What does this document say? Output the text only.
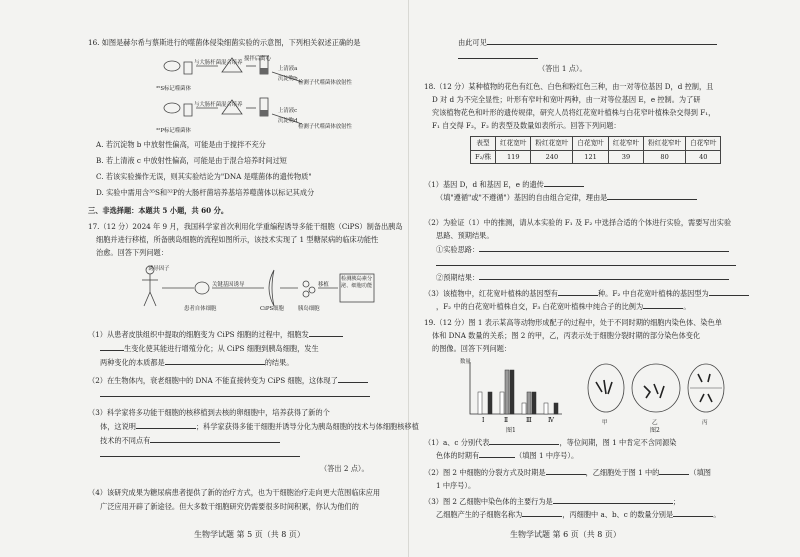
16. 如图是赫尔希与蔡斯进行的噬菌体侵染细菌实验的示意图，下列相关叙述正确的是
与大肠杆菌混合培养
搅拌后离心
上清液a
沉淀物b
检测子代噬菌体放射性
³⁵S标记噬菌体
与大肠杆菌混合培养
上清液c
沉淀物d
检测子代噬菌体放射性
³²P标记噬菌体
A. 若沉淀物 b 中放射性偏高，可能是由于搅拌不充分
B. 若上清液 c 中放射性偏高，可能是由于混合培养时间过短
C. 若该实验操作无误，则其实验结论为"DNA 是噬菌体的遗传物质"
D. 实验中需用含³⁵S和³²P的大肠杆菌培养基培养噬菌体以标记其成分
三、非选择题：本题共 5 小题，共 60 分。
17.（12 分）2024 年 9 月，我国科学家首次利用化学重编程诱导多能干细胞（CiPS）制备出胰岛
细胞并进行移植，所备胰岛细胞的流程如图所示，该技术实现了 1 型糖尿病的临床功能性
治愈。回答下列问题：
诱导因子
关键基因诱导
患者自体细胞	CiPS细胞	胰岛细胞
移植
检测胰岛素分泌、细胞功能
（1）从患者皮肤组织中提取的细胞变为 CiPS 细胞的过程中，细胞发
生变化使其能进行增殖分化；从 CiPS 细胞到胰岛细胞，发生
两种变化的本质都是	的结果。
（2）在生物体内，衰老细胞中的 DNA 不能直接转变为 CiPS 细胞，这体现了
（3）科学家将多功能干细胞的核移植到去核的卵细胞中，培养获得了新的个
体，这说明	；科学家获得多能干细胞并诱导分化为胰岛细胞的技术与体细胞核移植
技术的不同点有
（答出 2 点）。
（4）该研究成果为糖尿病患者提供了新的治疗方式，也为干细胞治疗走向更大范围临床应用
广泛应用开辟了新途径。但大多数干细胞研究仍需要很多时间积累，你认为他们的
生物学试题 第 5 页（共 8 页）
由此可见
（答出 1 点）。
18.（12 分）某种植物的花色有红色、白色和粉红色三种，由一对等位基因 D，d 控制，且
D 对 d 为不完全显性；叶形有窄叶和宽叶两种，由一对等位基因 E，e 控制。为了研
究该植物花色和叶形的遗传规律，研究人员将红花宽叶植株与白花窄叶植株杂交得到 F₁，
F₁ 自交得 F₂，F₂ 的表型及数量如表所示。回答下列问题：
表型	红花宽叶	粉红花宽叶	白花宽叶	红花窄叶	粉红花窄叶	白花窄叶
F₂/株	119	240	121	39	80	40
（1）基因 D，d 和基因 E，e 的遗传
（填"遵循"或"不遵循"）基因的自由组合定律，理由是
（2）为验证（1）中的推测，请从本实验的 F₁ 及 F₂ 中选择合适的个体进行实验，需要写出实验
思路、预期结果。
①实验思路：
②预期结果：
（3）该植物中，红花宽叶植株的基因型有	种。F₂ 中自花宽叶植株的基因型为
，F₂ 中的白花宽叶植株自交，F₃ 白花宽叶植株中纯合子的比例为	。
19.（12 分）图 1 表示某高等动物形成配子的过程中，处于不同时期的细胞内染色体、染色单
体和 DNA 数量的关系；图 2 的甲，乙，丙表示处于细胞分裂时期的部分染色体变化
的图像。回答下列问题：
Ⅰ	Ⅱ	Ⅲ	Ⅳ
数量
图1
甲	乙	丙
图2
（1）a、c 分别代表	，等位间期，图 1 中肯定不含同源染
色体的时期有	（填图 1 中序号）。
（2）图 2 中细胞的分裂方式及时期是	，乙细胞处于图 1 中的	（填图
1 中序号）。
（3）图 2 乙细胞中染色体的主要行为是	；
乙细胞产生的子细胞名称为	，丙细胞中 a、b、c 的数量分别是	。
生物学试题 第 6 页（共 8 页）
